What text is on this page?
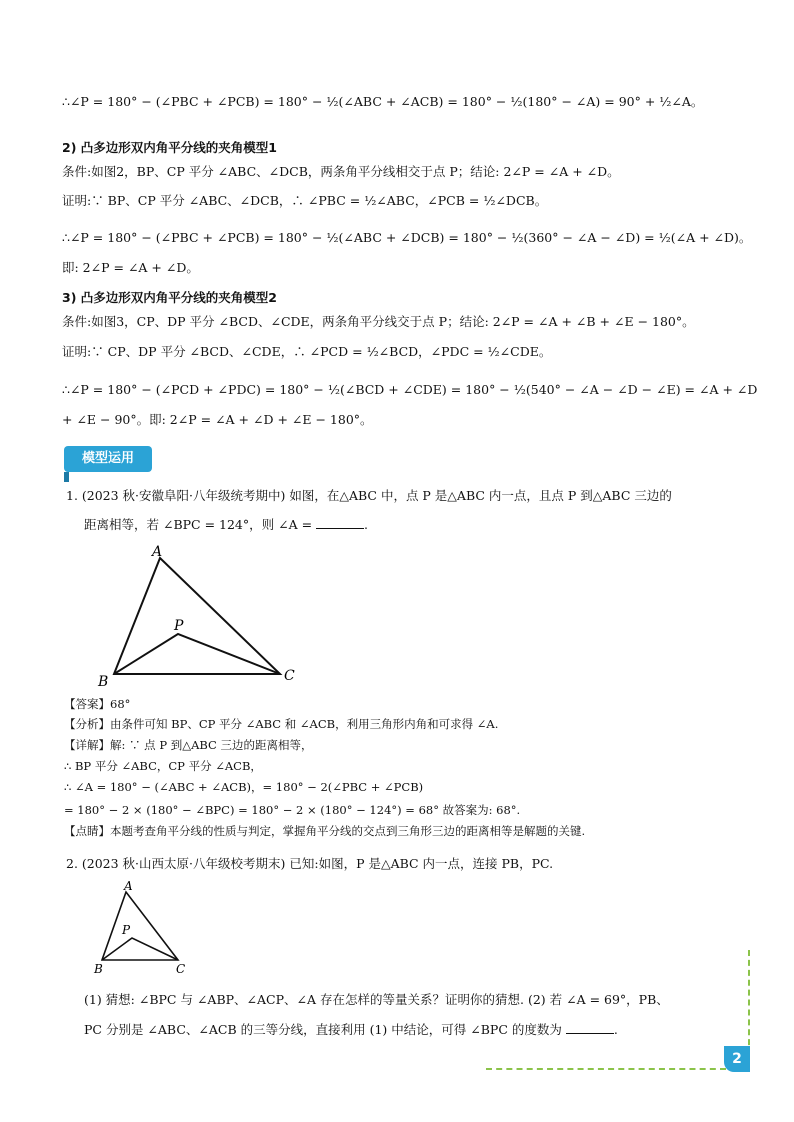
∴∠P = 180° − (∠PBC + ∠PCB) = 180° − ½(∠ABC + ∠ACB) = 180° − ½(180° − ∠A) = 90° + ½∠A。
2) 凸多边形双内角平分线的夹角模型1
条件:如图2，BP、CP 平分 ∠ABC、∠DCB，两条角平分线相交于点 P；结论: 2∠P = ∠A + ∠D。
证明:∵ BP、CP 平分 ∠ABC、∠DCB，∴ ∠PBC = ½∠ABC，∠PCB = ½∠DCB。
∴∠P = 180° − (∠PBC + ∠PCB) = 180° − ½(∠ABC + ∠DCB) = 180° − ½(360° − ∠A − ∠D) = ½(∠A + ∠D)。
即: 2∠P = ∠A + ∠D。
3) 凸多边形双内角平分线的夹角模型2
条件:如图3，CP、DP 平分 ∠BCD、∠CDE，两条角平分线交于点 P；结论: 2∠P = ∠A + ∠B + ∠E − 180°。
证明:∵ CP、DP 平分 ∠BCD、∠CDE，∴ ∠PCD = ½∠BCD，∠PDC = ½∠CDE。
∴∠P = 180° − (∠PCD + ∠PDC) = 180° − ½(∠BCD + ∠CDE) = 180° − ½(540° − ∠A − ∠D − ∠E) = ∠A + ∠D
+ ∠E − 90°。即: 2∠P = ∠A + ∠D + ∠E − 180°。
模型运用
1. (2023 秋·安徽阜阳·八年级统考期中) 如图，在△ABC 中，点 P 是△ABC 内一点，且点 P 到△ABC 三边的
距离相等，若 ∠BPC = 124°，则 ∠A =	.
A
B	C
P
【答案】68°
【分析】由条件可知 BP、CP 平分 ∠ABC 和 ∠ACB，利用三角形内角和可求得 ∠A.
【详解】解: ∵ 点 P 到△ABC 三边的距离相等，
∴ BP 平分 ∠ABC，CP 平分 ∠ACB，
∴ ∠A = 180° − (∠ABC + ∠ACB)，= 180° − 2(∠PBC + ∠PCB)
= 180° − 2 × (180° − ∠BPC) = 180° − 2 × (180° − 124°) = 68° 故答案为: 68°.
【点睛】本题考查角平分线的性质与判定，掌握角平分线的交点到三角形三边的距离相等是解题的关键.
2. (2023 秋·山西太原·八年级校考期末) 已知:如图，P 是△ABC 内一点，连接 PB，PC.
A
B	C
P
(1) 猜想: ∠BPC 与 ∠ABP、∠ACP、∠A 存在怎样的等量关系？证明你的猜想. (2) 若 ∠A = 69°，PB、
PC 分别是 ∠ABC、∠ACB 的三等分线，直接利用 (1) 中结论，可得 ∠BPC 的度数为	.
2
